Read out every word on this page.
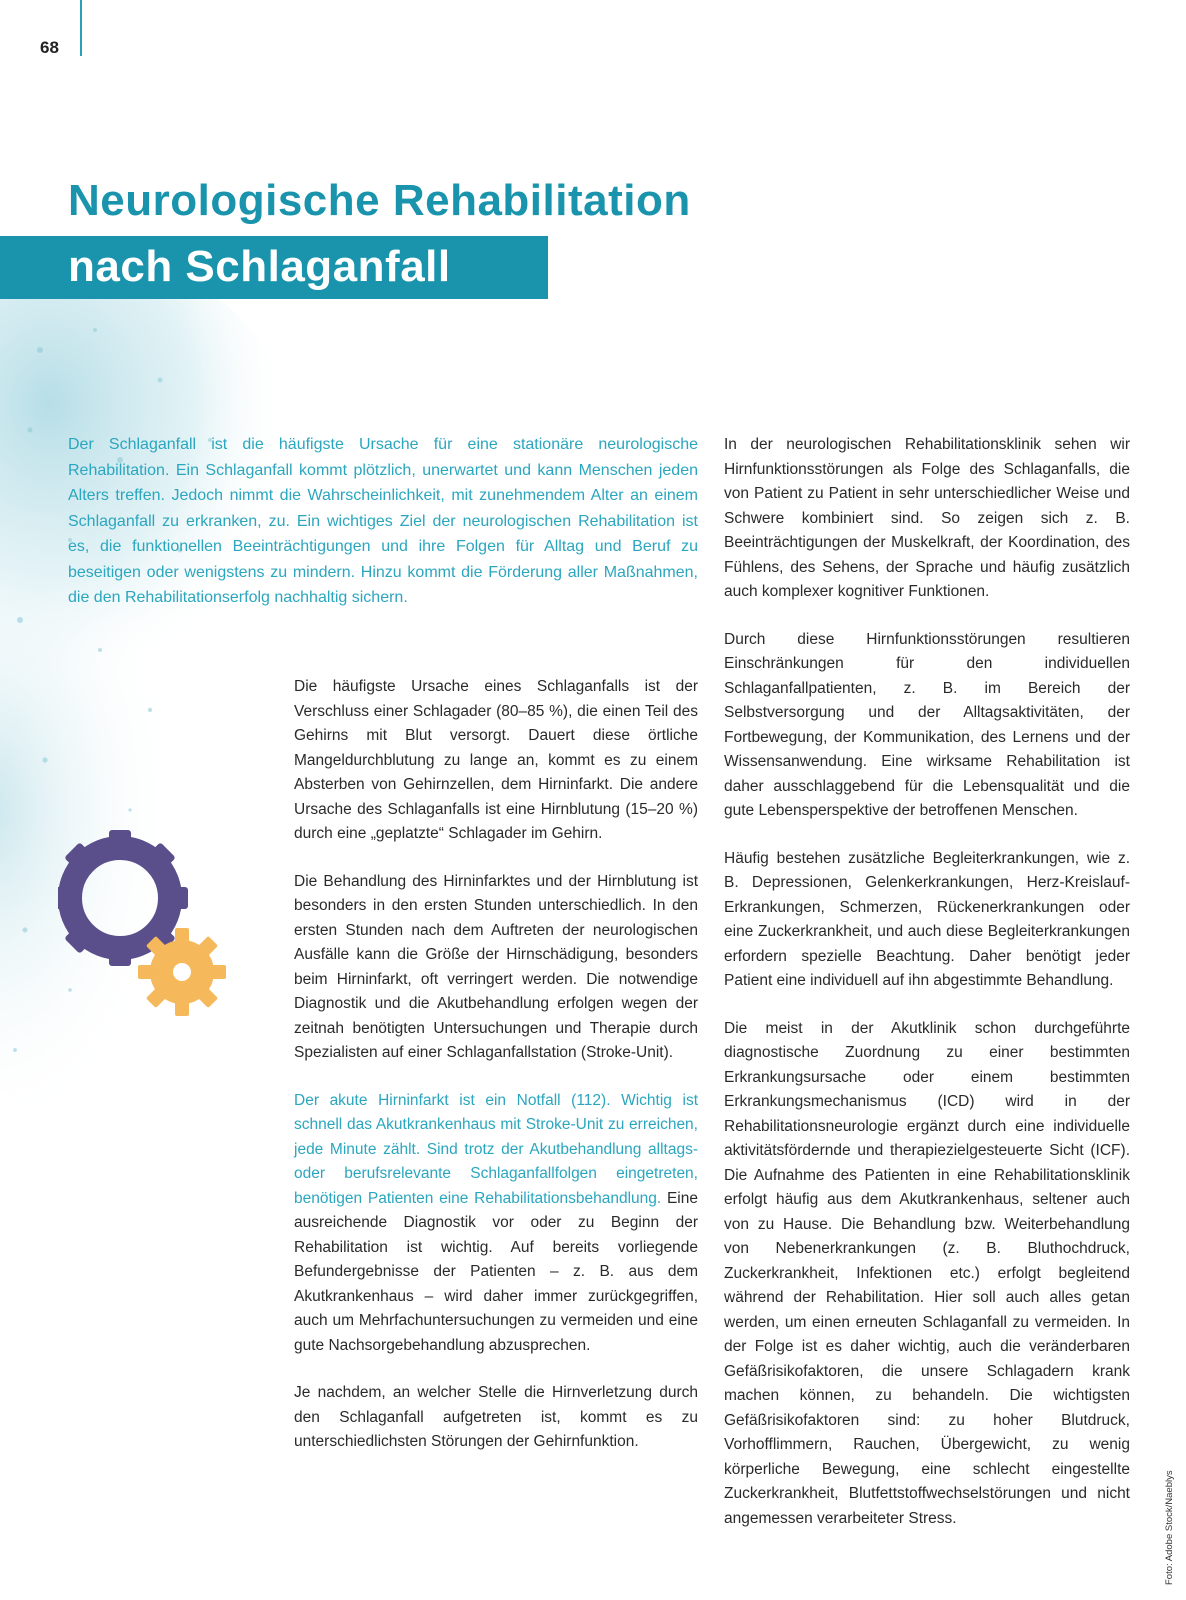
68
Neurologische Rehabilitation
nach Schlaganfall
Der Schlaganfall ist die häufigste Ursache für eine stationäre neurologische Rehabilitation. Ein Schlaganfall kommt plötzlich, unerwartet und kann Menschen jeden Alters treffen. Jedoch nimmt die Wahrscheinlichkeit, mit zunehmendem Alter an einem Schlaganfall zu erkranken, zu. Ein wichtiges Ziel der neurologischen Rehabilitation ist es, die funktionellen Beeinträchtigungen und ihre Folgen für Alltag und Beruf zu beseitigen oder wenigstens zu mindern. Hinzu kommt die Förderung aller Maßnahmen, die den Rehabilitationserfolg nachhaltig sichern.

Die häufigste Ursache eines Schlaganfalls ist der Verschluss einer Schlagader (80–85 %), die einen Teil des Gehirns mit Blut versorgt. Dauert diese örtliche Mangeldurchblutung zu lange an, kommt es zu einem Absterben von Gehirnzellen, dem Hirninfarkt. Die andere Ursache des Schlaganfalls ist eine Hirnblutung (15–20 %) durch eine „geplatzte“ Schlagader im Gehirn.

Die Behandlung des Hirninfarktes und der Hirnblutung ist besonders in den ersten Stunden unterschiedlich. In den ersten Stunden nach dem Auftreten der neurologischen Ausfälle kann die Größe der Hirnschädigung, besonders beim Hirninfarkt, oft verringert werden. Die notwendige Diagnostik und die Akutbehandlung erfolgen wegen der zeitnah benötigten Untersuchungen und Therapie durch Spezialisten auf einer Schlaganfallstation (Stroke-Unit).

Der akute Hirninfarkt ist ein Notfall (112). Wichtig ist schnell das Akutkrankenhaus mit Stroke-Unit zu erreichen, jede Minute zählt. Sind trotz der Akutbehandlung alltags- oder berufsrelevante Schlaganfallfolgen eingetreten, benötigen Patienten eine Rehabilitationsbehandlung. Eine ausreichende Diagnostik vor oder zu Beginn der Rehabilitation ist wichtig. Auf bereits vorliegende Befundergebnisse der Patienten – z. B. aus dem Akutkrankenhaus – wird daher immer zurückgegriffen, auch um Mehrfachuntersuchungen zu vermeiden und eine gute Nachsorgebehandlung abzusprechen.

Je nachdem, an welcher Stelle die Hirnverletzung durch den Schlaganfall aufgetreten ist, kommt es zu unterschiedlichsten Störungen der Gehirnfunktion.

In der neurologischen Rehabilitationsklinik sehen wir Hirnfunktionsstörungen als Folge des Schlaganfalls, die von Patient zu Patient in sehr unterschiedlicher Weise und Schwere kombiniert sind. So zeigen sich z. B. Beeinträchtigungen der Muskelkraft, der Koordination, des Fühlens, des Sehens, der Sprache und häufig zusätzlich auch komplexer kognitiver Funktionen.

Durch diese Hirnfunktionsstörungen resultieren Einschränkungen für den individuellen Schlaganfallpatienten, z. B. im Bereich der Selbstversorgung und der Alltagsaktivitäten, der Fortbewegung, der Kommunikation, des Lernens und der Wissensanwendung. Eine wirksame Rehabilitation ist daher ausschlaggebend für die Lebensqualität und die gute Lebensperspektive der betroffenen Menschen.

Häufig bestehen zusätzliche Begleiterkrankungen, wie z. B. Depressionen, Gelenkerkrankungen, Herz-Kreislauf-Erkrankungen, Schmerzen, Rückenerkrankungen oder eine Zuckerkrankheit, und auch diese Begleiterkrankungen erfordern spezielle Beachtung. Daher benötigt jeder Patient eine individuell auf ihn abgestimmte Behandlung.

Die meist in der Akutklinik schon durchgeführte diagnostische Zuordnung zu einer bestimmten Erkrankungsursache oder einem bestimmten Erkrankungsmechanismus (ICD) wird in der Rehabilitationsneurologie ergänzt durch eine individuelle aktivitätsfördernde und therapiezielgesteuerte Sicht (ICF). Die Aufnahme des Patienten in eine Rehabilitationsklinik erfolgt häufig aus dem Akutkrankenhaus, seltener auch von zu Hause. Die Behandlung bzw. Weiterbehandlung von Nebenerkrankungen (z. B. Bluthochdruck, Zuckerkrankheit, Infektionen etc.) erfolgt begleitend während der Rehabilitation. Hier soll auch alles getan werden, um einen erneuten Schlaganfall zu vermeiden. In der Folge ist es daher wichtig, auch die veränderbaren Gefäßrisikofaktoren, die unsere Schlagadern krank machen können, zu behandeln. Die wichtigsten Gefäßrisikofaktoren sind: zu hoher Blutdruck, Vorhofflimmern, Rauchen, Übergewicht, zu wenig körperliche Bewegung, eine schlecht eingestellte Zuckerkrankheit, Blutfettstoffwechselstörungen und nicht angemessen verarbeiteter Stress.	Foto: Adobe Stock/Naeblys
